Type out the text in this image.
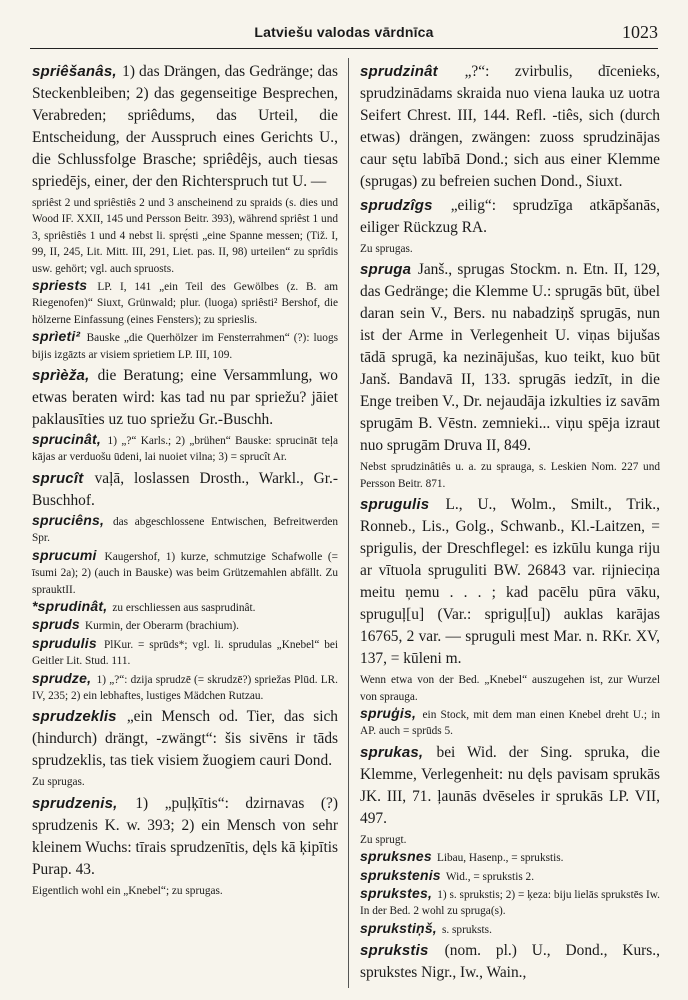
Latviešu valodas vārdnīca	1023

spriêšanâs, 1) das Drängen, das Gedränge; das Steckenbleiben; 2) das gegenseitige Besprechen, Verabreden; spriêdums, das Urteil, die Entscheidung, der Ausspruch eines Gerichts U., die Schlussfolge Brasche; spriêdêjs, auch tiesas spriedējs, einer, der den Richterspruch tut U. —

spriêst 2 und spriêstiês 2 und 3 anscheinend zu spraids (s. dies und Wood IF. XXII, 145 und Persson Beitr. 393), während spriêst 1 und 3, spriêstiês 1 und 4 nebst li. sprę́sti „eine Spanne messen; (Tiž. I, 99, II, 245, Lit. Mitt. III, 291, Liet. pas. II, 98) urteilen“ zu sprîdis usw. gehört; vgl. auch spruosts.

spriests LP. I, 141 „ein Teil des Gewölbes (z. B. am Riegenofen)“ Siuxt, Grünwald; plur. (luoga) spriêsti² Bershof, die hölzerne Einfassung (eines Fensters); zu sprieslis.

sprìeti² Bauske „die Querhölzer im Fensterrahmen“ (?): luogs bijis izgāzts ar visiem sprietiem LP. III, 109.

sprìèža, die Beratung; eine Versammlung, wo etwas beraten wird: kas tad nu par spriežu? jāiet paklausīties uz tuo spriežu Gr.-Buschh.

sprucinât, 1) „?“ Karls.; 2) „brühen“ Bauske: sprucināt teļa kājas ar verduošu ūdeni, lai nuoiet vilna; 3) = sprucît Ar.

sprucît vaļā, loslassen Drosth., Warkl., Gr.-Buschhof.

spruciêns, das abgeschlossene Entwischen, Befreitwerden Spr.

sprucumi Kaugershof, 1) kurze, schmutzige Schafwolle (= īsumi 2a); 2) (auch in Bauske) was beim Grützemahlen abfällt. Zu sprauktII.

*sprudinât, zu erschliessen aus sasprudinât.

spruds Kurmin, der Oberarm (brachium).

sprudulis PlKur. = sprūds*; vgl. li. sprudulas „Knebel“ bei Geitler Lit. Stud. 111.

sprudze, 1) „?“: dzija sprudzē (= skrudzē?) spriežas Plūd. LR. IV, 235; 2) ein lebhaftes, lustiges Mädchen Rutzau.

sprudzeklis „ein Mensch od. Tier, das sich (hindurch) drängt, -zwängt“: šis sivēns ir tāds sprudzeklis, tas tiek visiem žuogiem cauri Dond.

Zu sprugas.

sprudzenis, 1) „puļķītis“: dzirnavas (?) sprudzenis K. w. 393; 2) ein Mensch von sehr kleinem Wuchs: tīrais sprudzenītis, dęls kā ķipītis Purap. 43.

Eigentlich wohl ein „Knebel“; zu sprugas.

sprudzinât „?“: zvirbulis, dīcenieks, sprudzinādams skraida nuo viena lauka uz uotra Seifert Chrest. III, 144. Refl. -tiês, sich (durch etwas) drängen, zwängen: zuoss sprudzinājas caur sętu labībā Dond.; sich aus einer Klemme (sprugas) zu befreien suchen Dond., Siuxt.

sprudzîgs „eilig“: sprudzīga atkāpšanās, eiliger Rückzug RA.

Zu sprugas.

spruga Janš., sprugas Stockm. n. Etn. II, 129, das Gedränge; die Klemme U.: sprugās būt, übel daran sein V., Bers. nu nabadziņš sprugās, nun ist der Arme in Verlegenheit U. viņas bijušas tādā sprugā, ka nezinājušas, kuo teikt, kuo būt Janš. Bandavā II, 133. sprugās iedzīt, in die Enge treiben V., Dr. nejaudāja izkulties iz savām sprugām B. Vēstn. zemnieki... viņu spēja izraut nuo sprugām Druva II, 849.

Nebst sprudzinâtiês u. a. zu sprauga, s. Leskien Nom. 227 und Persson Beitr. 871.

sprugulis L., U., Wolm., Smilt., Trik., Ronneb., Lis., Golg., Schwanb., Kl.-Laitzen, = sprigulis, der Dreschflegel: es izkūlu kunga riju ar vītuola spruguliti BW. 26843 var. rijnieciņa meitu ņemu . . . ; kad pacēlu pūra vāku, spruguļ[u] (Var.: spriguļ[u]) auklas karājas 16765, 2 var. — spruguli mest Mar. n. RKr. XV, 137, = kūleni m.

Wenn etwa von der Bed. „Knebel“ auszugehen ist, zur Wurzel von sprauga.

spruģis, ein Stock, mit dem man einen Knebel dreht U.; in AP. auch = sprūds 5.

sprukas, bei Wid. der Sing. spruka, die Klemme, Verlegenheit: nu dęls pavisam sprukās JK. III, 71. ļaunās dvēseles ir sprukās LP. VII, 497.

Zu sprugt.

spruksnes Libau, Hasenp., = sprukstis.

sprukstenis Wid., = sprukstis 2.

sprukstes, 1) s. sprukstis; 2) = ķeza: biju lielās sprukstēs Iw. In der Bed. 2 wohl zu spruga(s).

sprukstiņš, s. spruksts.

sprukstis (nom. pl.) U., Dond., Kurs., sprukstes Nigr., Iw., Wain.,
